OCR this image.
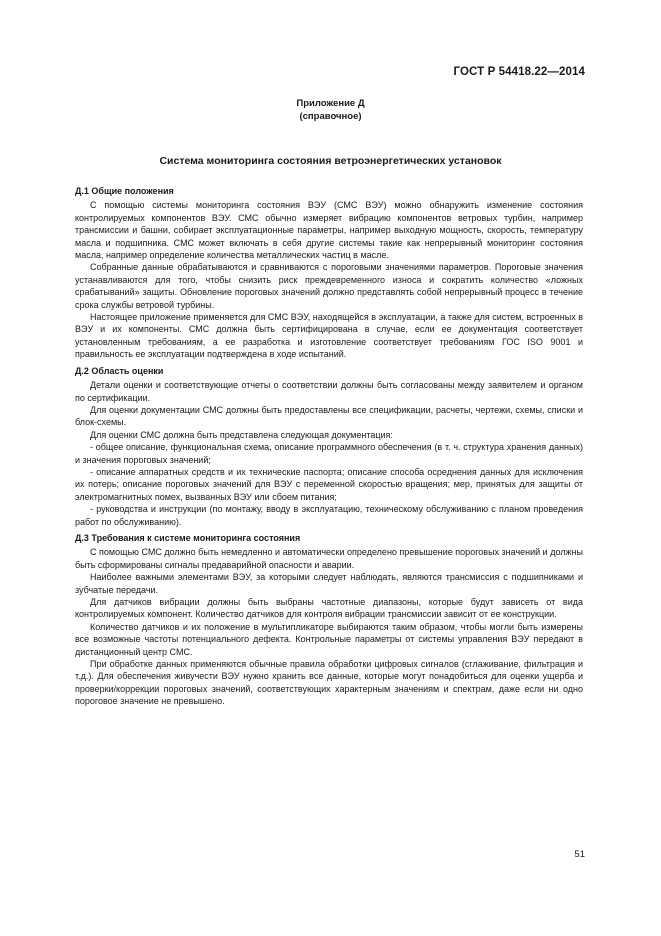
ГОСТ Р 54418.22—2014
Приложение Д
(справочное)
Система мониторинга состояния ветроэнергетических установок
Д.1 Общие положения

С помощью системы мониторинга состояния ВЭУ (СМС ВЭУ) можно обнаружить изменение состояния контролируемых компонентов ВЭУ. СМС обычно измеряет вибрацию компонентов ветровых турбин, например трансмиссии и башни, собирает эксплуатационные параметры, например выходную мощность, скорость, температуру масла и подшипника. СМС может включать в себя другие системы такие как непрерывный мониторинг состояния масла, например определение количества металлических частиц в масле.

Собранные данные обрабатываются и сравниваются с пороговыми значениями параметров. Пороговые значения устанавливаются для того, чтобы снизить риск преждевременного износа и сократить количество «ложных срабатываний» защиты. Обновление пороговых значений должно представлять собой непрерывный процесс в течение срока службы ветровой турбины.

Настоящее приложение применяется для СМС ВЭУ, находящейся в эксплуатации, а также для систем, встроенных в ВЭУ и их компоненты. СМС должна быть сертифицирована в случае, если ее документация соответствует установленным требованиям, а ее разработка и изготовление соответствует требованиям ГОС ISO 9001 и правильность ее эксплуатации подтверждена в ходе испытаний.

Д.2 Область оценки

Детали оценки и соответствующие отчеты о соответствии должны быть согласованы между заявителем и органом по сертификации.

Для оценки документации СМС должны быть предоставлены все спецификации, расчеты, чертежи, схемы, списки и блок-схемы.

Для оценки СМС должна быть представлена следующая документация:

- общее описание, функциональная схема, описание программного обеспечения (в т. ч. структура хранения данных) и значения пороговых значений;

- описание аппаратных средств и их технические паспорта; описание способа осреднения данных для исключения их потерь; описание пороговых значений для ВЭУ с переменной скоростью вращения; мер, принятых для защиты от электромагнитных помех, вызванных ВЭУ или сбоем питания;

- руководства и инструкции (по монтажу, вводу в эксплуатацию, техническому обслуживанию с планом проведения работ по обслуживанию).

Д.3 Требования к системе мониторинга состояния

С помощью СМС должно быть немедленно и автоматически определено превышение пороговых значений и должны быть сформированы сигналы предаварийной опасности и аварии.

Наиболее важными элементами ВЭУ, за которыми следует наблюдать, являются трансмиссия с подшипниками и зубчатые передачи.

Для датчиков вибрации должны быть выбраны частотные диапазоны, которые будут зависеть от вида контролируемых компонент. Количество датчиков для контроля вибрации трансмиссии зависит от ее конструкции.

Количество датчиков и их положение в мультипликаторе выбираются таким образом, чтобы могли быть измерены все возможные частоты потенциального дефекта. Контрольные параметры от системы управления ВЭУ передают в дистанционный центр СМС.

При обработке данных применяются обычные правила обработки цифровых сигналов (сглаживание, фильтрация и т.д.). Для обеспечения живучести ВЭУ нужно хранить все данные, которые могут понадобиться для оценки ущерба и проверки/коррекции пороговых значений, соответствующих характерным значениям и спектрам, даже если ни одно пороговое значение не превышено.

51
